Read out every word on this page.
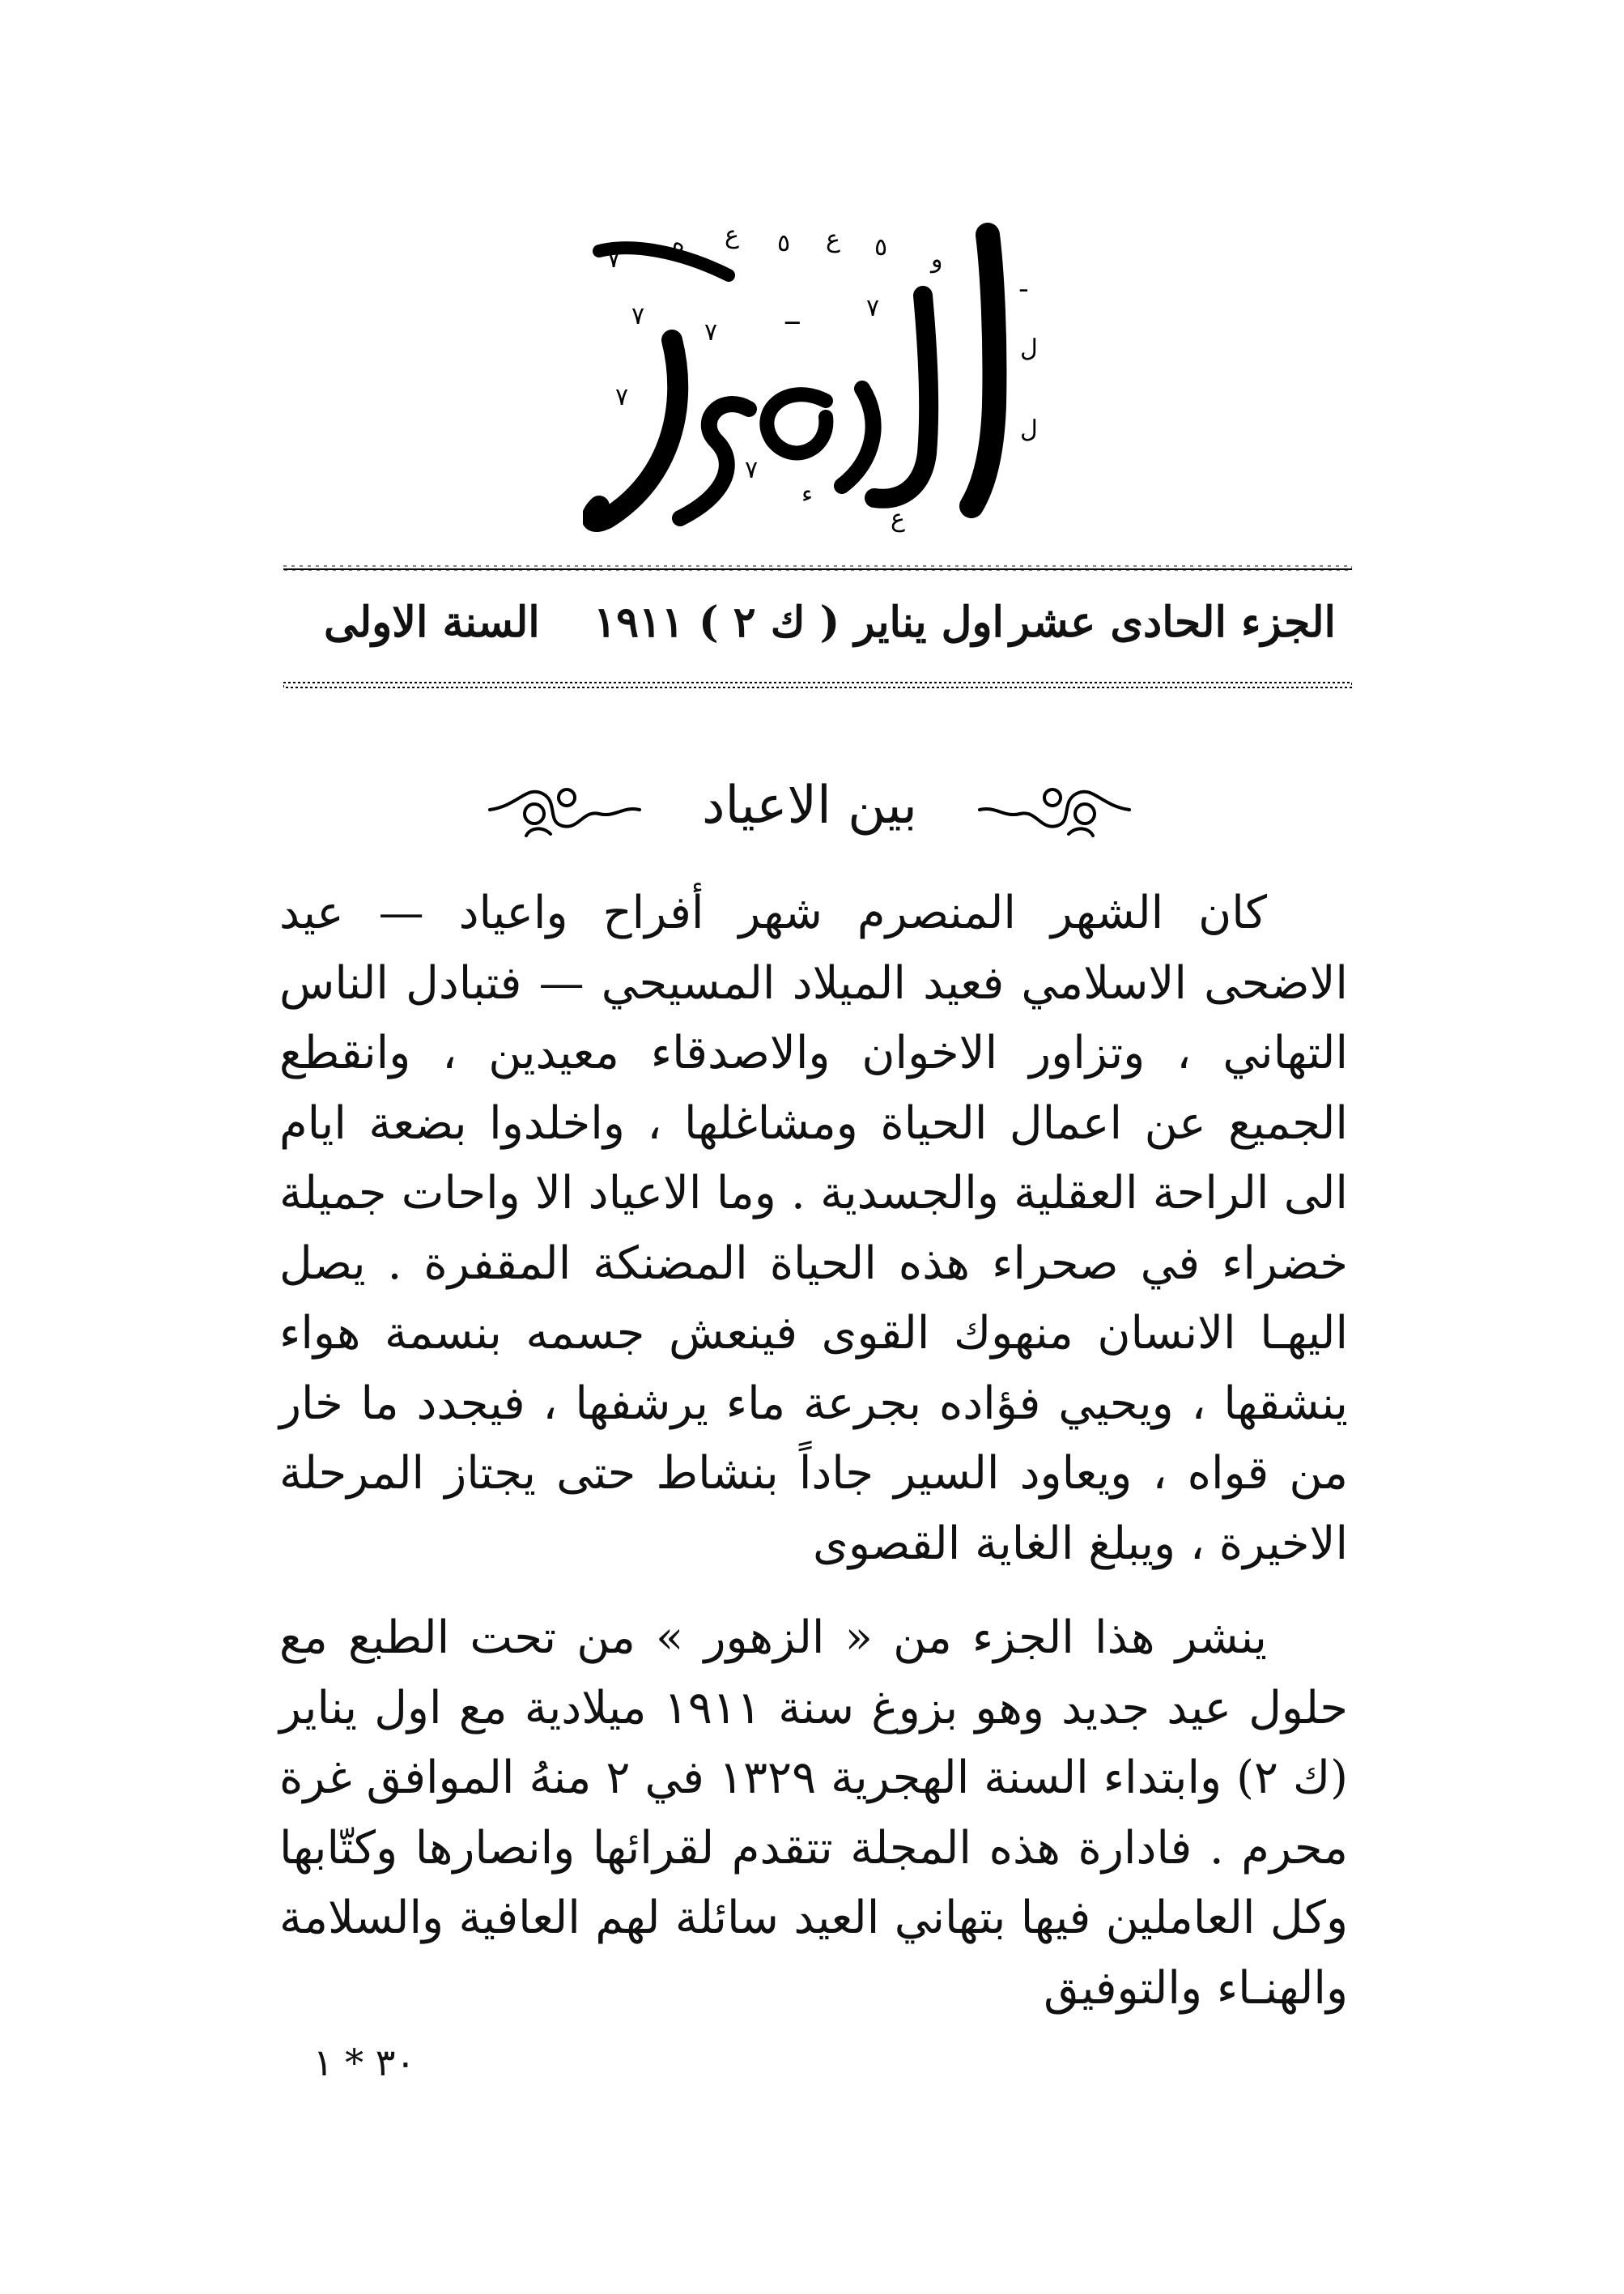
٧
ه ع ٥ ع ٥ و
٧
٧
ــ	٧
٧
٧
ء
ع
ـ
ل
ل
الجزء الحادى عشر
اول يناير ( ك ٢ ) ١٩١١
السنة الاولى
بين الاعياد

كان الشهر المنصرم شهر أفراح واعياد — عيد الاضحى الاسلامي فعيد الميلاد المسيحي — فتبادل الناس التهاني ، وتزاور الاخوان والاصدقاء معيدين ، وانقطع الجميع عن اعمال الحياة ومشاغلها ، واخلدوا بضعة ايام الى الراحة العقلية والجسدية . وما الاعياد الا واحات جميلة خضراء في صحراء هذه الحياة المضنكة المقفرة . يصل اليهـا الانسان منهوك القوى فينعش جسمه بنسمة هواء ينشقها ، ويحيي فؤاده بجرعة ماء يرشفها ، فيجدد ما خار من قواه ، ويعاود السير جاداً بنشاط حتى يجتاز المرحلة الاخيرة ، ويبلغ الغاية القصوى

ينشر هذا الجزء من « الزهور » من تحت الطبع مع حلول عيد جديد وهو بزوغ سنة ١٩١١ ميلادية مع اول يناير (ك ٢) وابتداء السنة الهجرية ١٣٢٩ في ٢ منهُ الموافق غرة محرم . فادارة هذه المجلة تتقدم لقرائها وانصارها وكتّابها وكل العاملين فيها بتهاني العيد سائلة لهم العافية والسلامة والهنـاء والتوفيق

٣٠ * ١
